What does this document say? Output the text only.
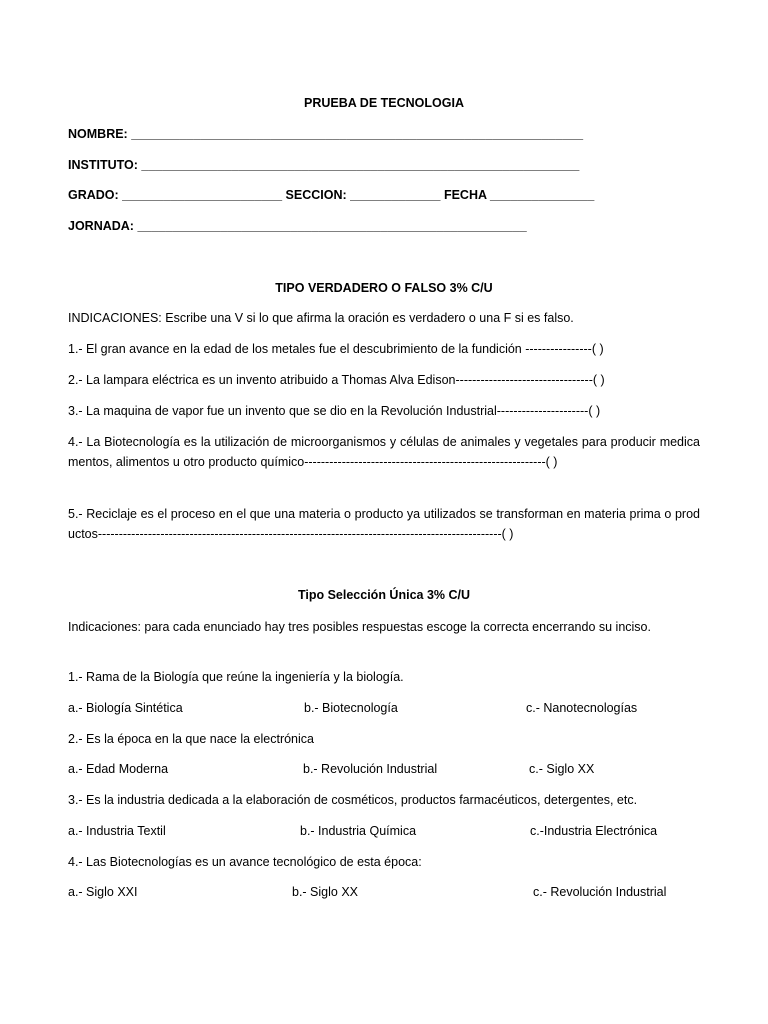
PRUEBA DE TECNOLOGIA
NOMBRE: _________________________________________________________________
INSTITUTO: _______________________________________________________________
GRADO: _______________________ SECCION: _____________ FECHA _______________
JORNADA: ________________________________________________________
TIPO VERDADERO O FALSO 3% C/U
INDICACIONES: Escribe una V si lo que afirma la oración es verdadero o una F si es falso.
1.- El gran avance en la edad de los metales fue el descubrimiento de la fundición ----------------( )
2.- La lampara eléctrica es un invento atribuido a Thomas Alva Edison---------------------------------( )
3.- La maquina de vapor fue un invento que se dio en la Revolución Industrial----------------------( )
4.- La Biotecnología es la utilización de microorganismos y células de animales y vegetales para producir medicamentos, alimentos u otro producto químico----------------------------------------------------------( )
5.- Reciclaje es el proceso en el que una materia o producto ya utilizados se transforman en materia prima o productos-------------------------------------------------------------------------------------------------( )
Tipo Selección Única 3% C/U
Indicaciones: para cada enunciado hay tres posibles respuestas escoge la correcta encerrando su inciso.
1.- Rama de la Biología que reúne la ingeniería y la biología.
a.- Biología Sintética	b.- Biotecnología	c.- Nanotecnologías
2.- Es la época en la que nace la electrónica
a.- Edad Moderna	b.- Revolución Industrial	c.- Siglo XX
3.- Es la industria dedicada a la elaboración de cosméticos, productos farmacéuticos, detergentes, etc.
a.- Industria Textil	b.- Industria Química	c.-Industria Electrónica
4.- Las Biotecnologías es un avance tecnológico de esta época:
a.- Siglo XXI	b.- Siglo XX	c.- Revolución Industrial
